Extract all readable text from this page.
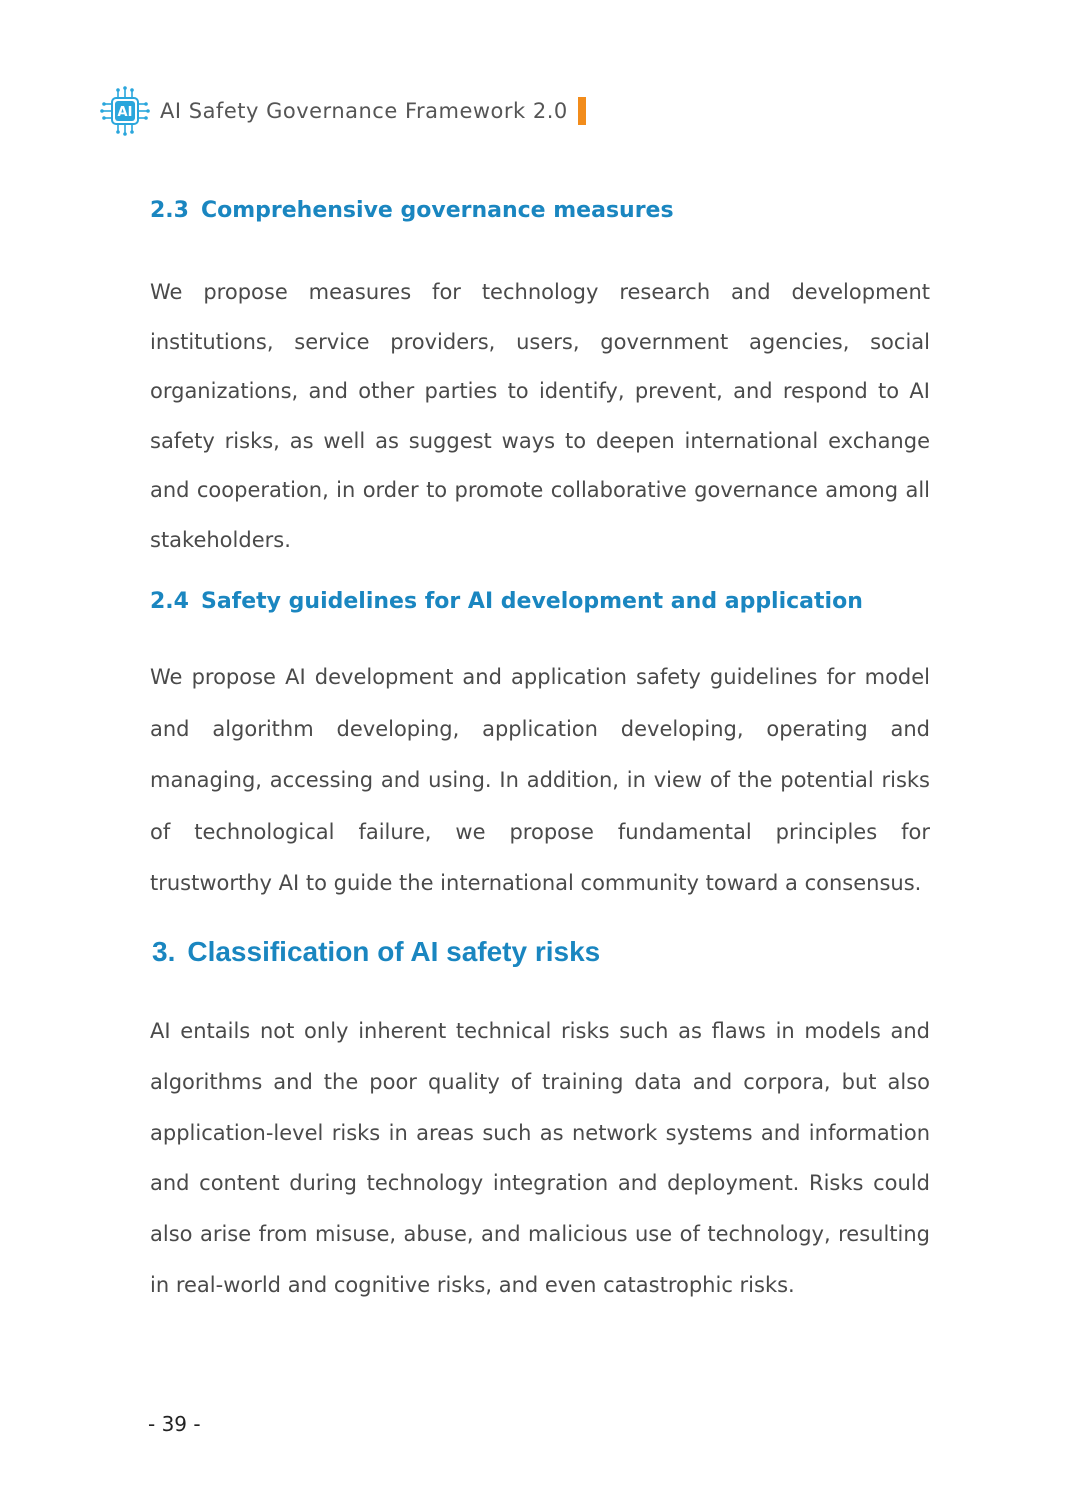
AI AI Safety Governance Framework 2.0
2.3 Comprehensive governance measures

We propose measures for technology research and development institutions, service providers, users, government agencies, social organizations, and other parties to identify, prevent, and respond to AI safety risks, as well as suggest ways to deepen international exchange and cooperation, in order to promote collaborative governance among all stakeholders.

2.4 Safety guidelines for AI development and application

We propose AI development and application safety guidelines for model and algorithm developing, application developing, operating and managing, accessing and using. In addition, in view of the potential risks of technological failure, we propose fundamental principles for trustworthy AI to guide the international community toward a consensus.

3. Classification of AI safety risks

AI entails not only inherent technical risks such as flaws in models and algorithms and the poor quality of training data and corpora, but also application-level risks in areas such as network systems and information and content during technology integration and deployment. Risks could also arise from misuse, abuse, and malicious use of technology, resulting in real-world and cognitive risks, and even catastrophic risks.

- 39 -
